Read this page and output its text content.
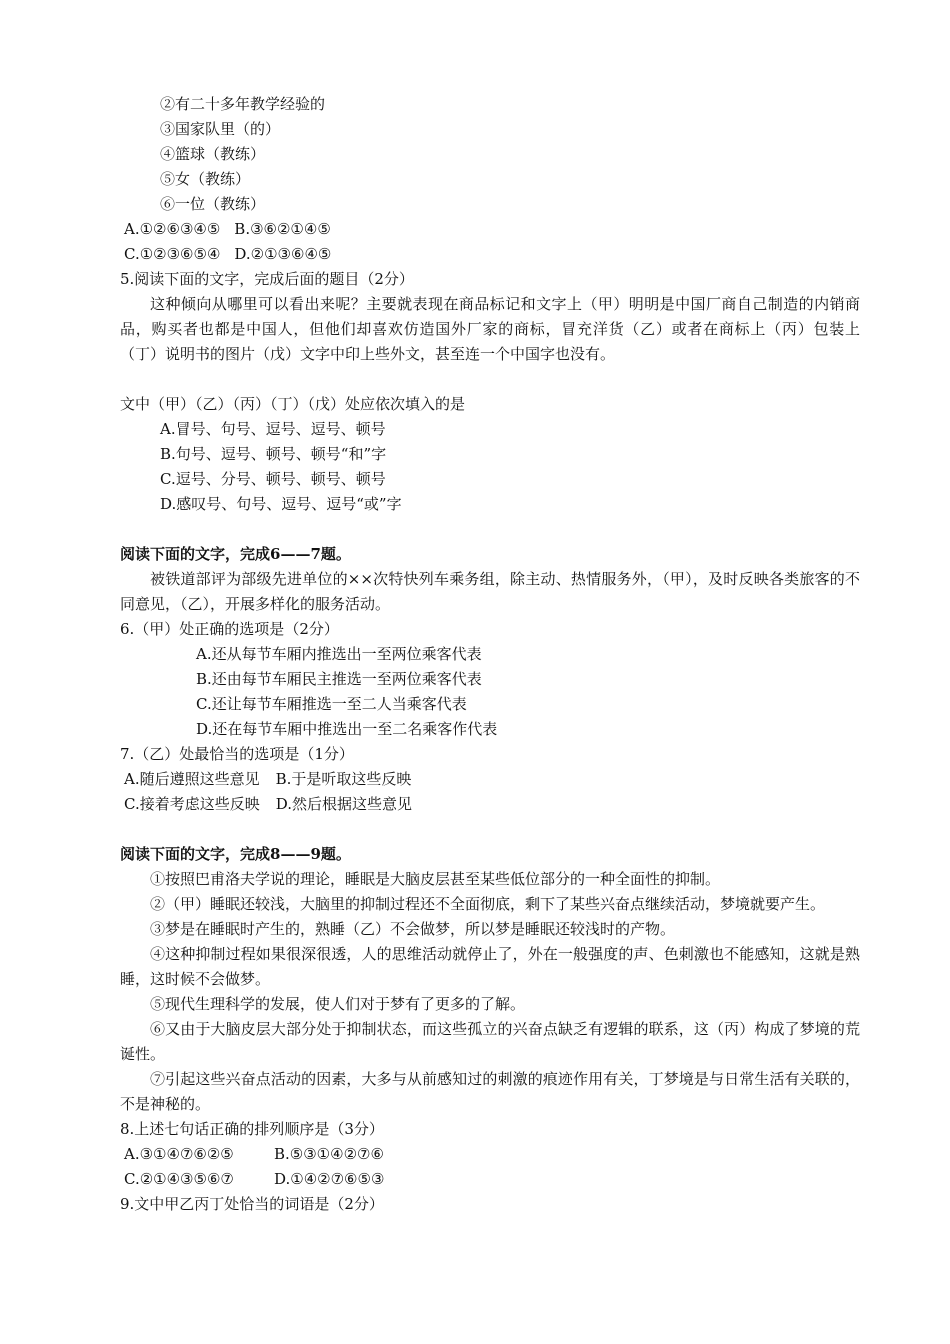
②有二十多年教学经验的
③国家队里（的）
④篮球（教练）
⑤女（教练）
⑥一位（教练）
A.①②⑥③④⑤ B.③⑥②①④⑤
C.①②③⑥⑤④ D.②①③⑥④⑤
5.阅读下面的文字，完成后面的题目（2分）
这种倾向从哪里可以看出来呢？主要就表现在商品标记和文字上（甲）明明是中国厂商自己制造的内销商品，购买者也都是中国人，但他们却喜欢仿造国外厂家的商标，冒充洋货（乙）或者在商标上（丙）包装上（丁）说明书的图片（戊）文字中印上些外文，甚至连一个中国字也没有。
文中（甲）（乙）（丙）（丁）（戊）处应依次填入的是
A.冒号、句号、逗号、逗号、顿号
B.句号、逗号、顿号、顿号“和”字
C.逗号、分号、顿号、顿号、顿号
D.感叹号、句号、逗号、逗号“或”字
阅读下面的文字，完成6——7题。
被铁道部评为部级先进单位的××次特快列车乘务组，除主动、热情服务外，（甲），及时反映各类旅客的不同意见，（乙），开展多样化的服务活动。
6.（甲）处正确的选项是（2分）
A.还从每节车厢内推选出一至两位乘客代表
B.还由每节车厢民主推选一至两位乘客代表
C.还让每节车厢推选一至二人当乘客代表
D.还在每节车厢中推选出一至二名乘客作代表
7.（乙）处最恰当的选项是（1分）
A.随后遵照这些意见 B.于是听取这些反映
C.接着考虑这些反映 D.然后根据这些意见
阅读下面的文字，完成8——9题。
①按照巴甫洛夫学说的理论，睡眠是大脑皮层甚至某些低位部分的一种全面性的抑制。
②（甲）睡眠还较浅，大脑里的抑制过程还不全面彻底，剩下了某些兴奋点继续活动，梦境就要产生。
③梦是在睡眠时产生的，熟睡（乙）不会做梦，所以梦是睡眠还较浅时的产物。
④这种抑制过程如果很深很透，人的思维活动就停止了，外在一般强度的声、色刺激也不能感知，这就是熟睡，这时候不会做梦。
⑤现代生理科学的发展，使人们对于梦有了更多的了解。
⑥又由于大脑皮层大部分处于抑制状态，而这些孤立的兴奋点缺乏有逻辑的联系，这（丙）构成了梦境的荒诞性。
⑦引起这些兴奋点活动的因素，大多与从前感知过的刺激的痕迹作用有关，丁梦境是与日常生活有关联的，不是神秘的。
8.上述七句话正确的排列顺序是（3分）
A.③①④⑦⑥②⑤	B.⑤③①④②⑦⑥
C.②①④③⑤⑥⑦	D.①④②⑦⑥⑤③
9.文中甲乙丙丁处恰当的词语是（2分）
